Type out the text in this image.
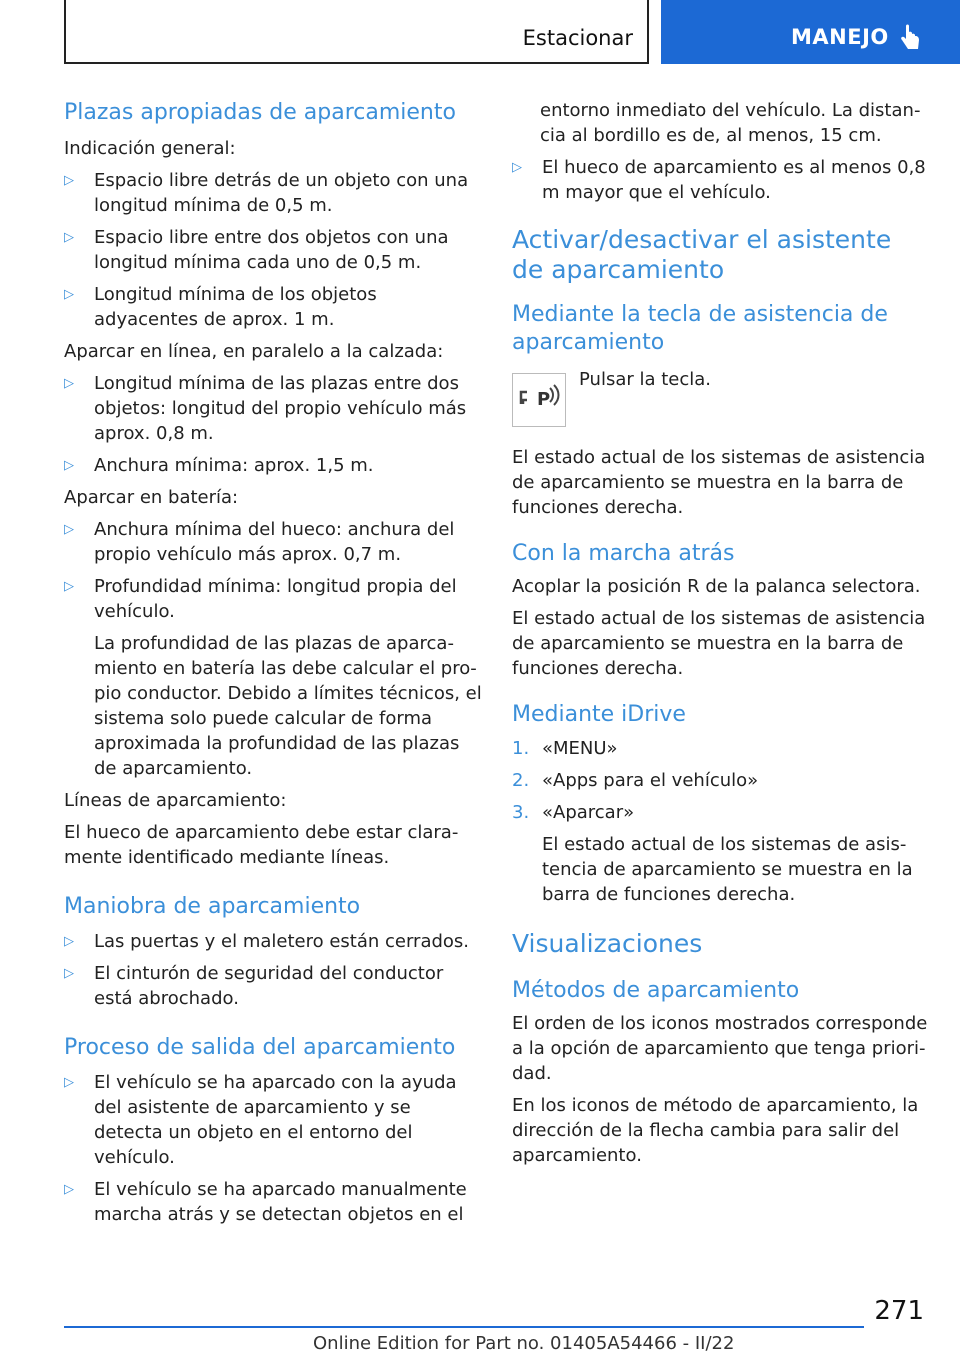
Estacionar	MANEJO
Plazas apropiadas de aparcamiento

Indicación general:

▷ Espacio libre detrás de un objeto con una longitud mínima de 0,5 m.
▷ Espacio libre entre dos objetos con una longitud mínima cada uno de 0,5 m.
▷ Longitud mínima de los objetos adyacentes de aprox. 1 m.

Aparcar en línea, en paralelo a la calzada:

▷ Longitud mínima de las plazas entre dos objetos: longitud del propio vehículo más aprox. 0,8 m.
▷ Anchura mínima: aprox. 1,5 m.

Aparcar en batería:

▷ Anchura mínima del hueco: anchura del propio vehículo más aprox. 0,7 m.
▷ Profundidad mínima: longitud propia del vehículo.
La profundidad de las plazas de aparcamiento en batería las debe calcular el propio conductor. Debido a límites técnicos, el sistema solo puede calcular de forma aproximada la profundidad de las plazas de aparcamiento.

Líneas de aparcamiento:

El hueco de aparcamiento debe estar claramente identificado mediante líneas.

Maniobra de aparcamiento
▷ Las puertas y el maletero están cerrados.
▷ El cinturón de seguridad del conductor está abrochado.
Proceso de salida del aparcamiento
▷ El vehículo se ha aparcado con la ayuda del asistente de aparcamiento y se detecta un objeto en el entorno del vehículo.
▷ El vehículo se ha aparcado manualmente marcha atrás y se detectan objetos en el

entorno inmediato del vehículo. La distancia al bordillo es de, al menos, 15 cm.

▷ El hueco de aparcamiento es al menos 0,8 m mayor que el vehículo.
Activar/desactivar el asistente de aparcamiento
Mediante la tecla de asistencia de aparcamiento
P

Pulsar la tecla.

El estado actual de los sistemas de asistencia de aparcamiento se muestra en la barra de funciones derecha.

Con la marcha atrás

Acoplar la posición R de la palanca selectora.

El estado actual de los sistemas de asistencia de aparcamiento se muestra en la barra de funciones derecha.

Mediante iDrive
1. «MENU»
2. «Apps para el vehículo»
3. «Aparcar»
El estado actual de los sistemas de asistencia de aparcamiento se muestra en la barra de funciones derecha.
Visualizaciones
Métodos de aparcamiento

El orden de los iconos mostrados corresponde a la opción de aparcamiento que tenga prioridad.

En los iconos de método de aparcamiento, la dirección de la flecha cambia para salir del aparcamiento.

271
Online Edition for Part no. 01405A54466 - II/22
